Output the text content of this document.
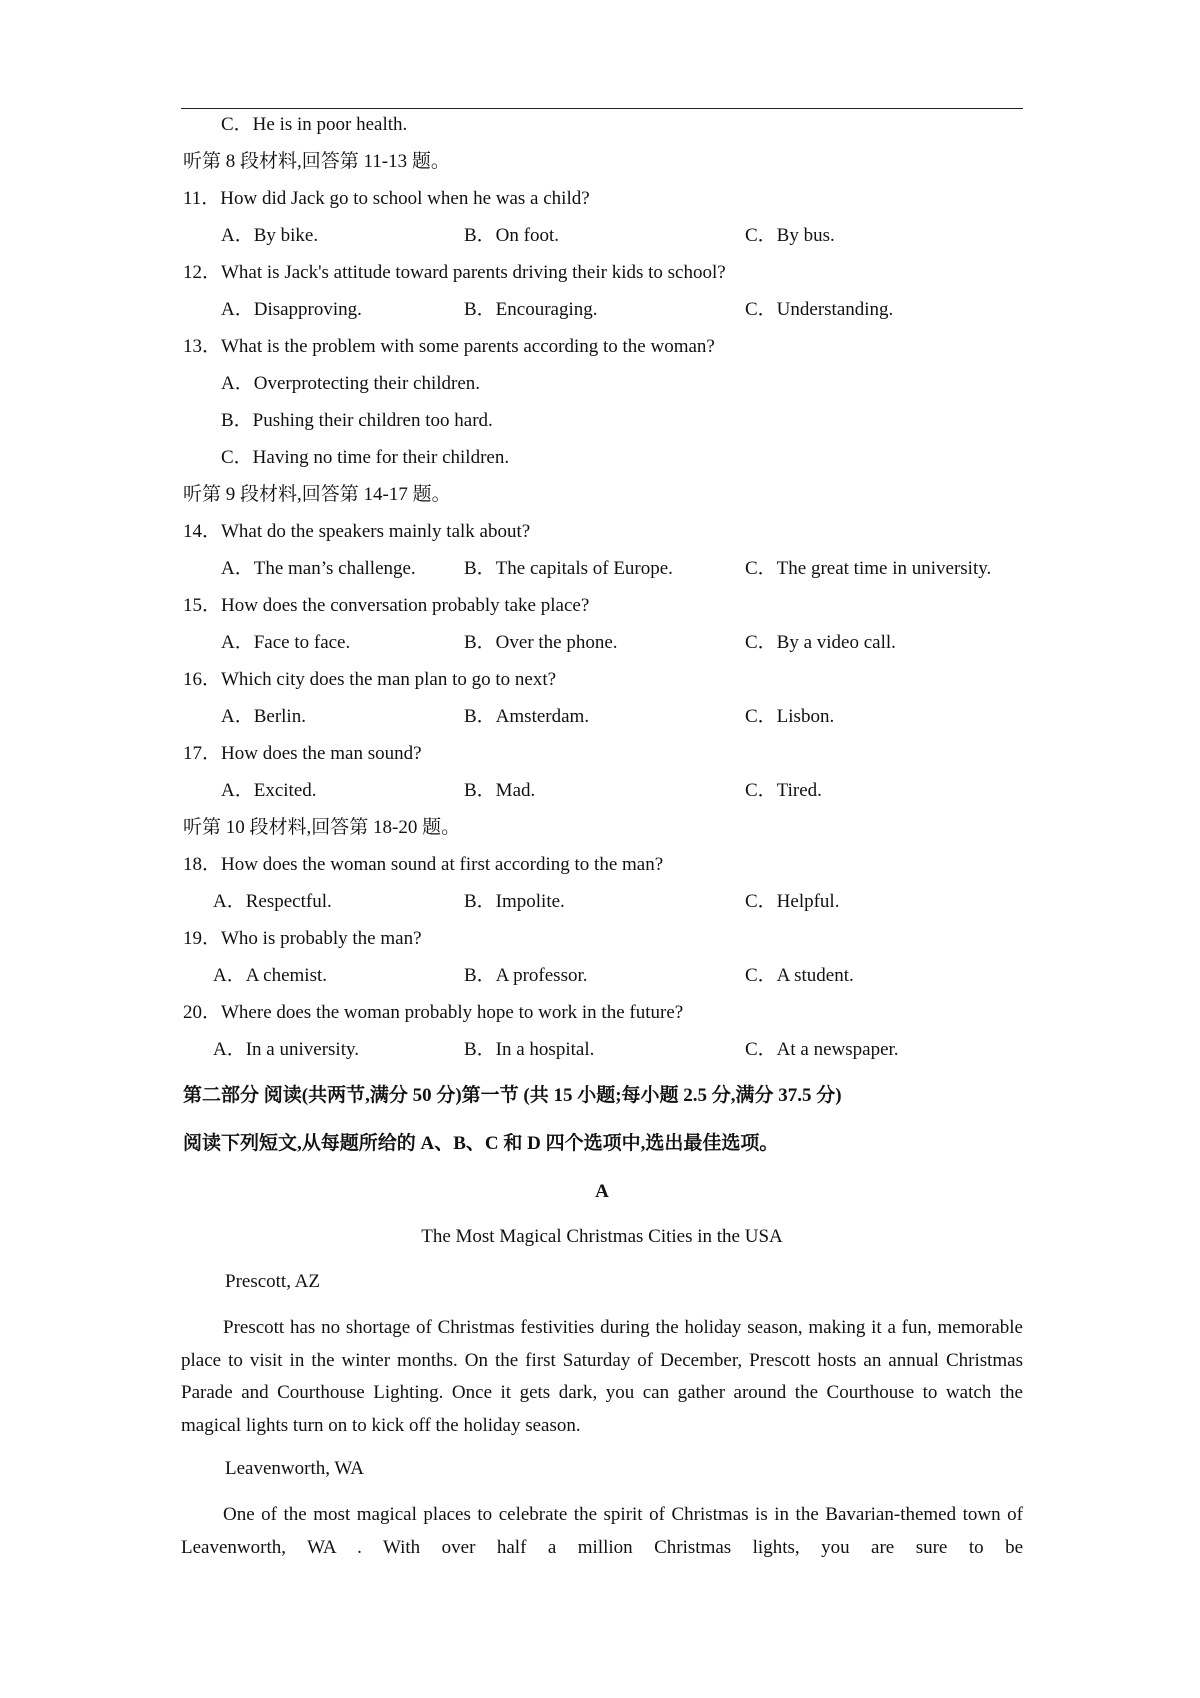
C．He is in poor health.
听第 8 段材料,回答第 11-13 题。
11．How did Jack go to school when he was a child?
A．By bike.	B．On foot.	C．By bus.
12．What is Jack's attitude toward parents driving their kids to school?
A．Disapproving.	B．Encouraging.	C．Understanding.
13．What is the problem with some parents according to the woman?
A．Overprotecting their children.
B．Pushing their children too hard.
C．Having no time for their children.
听第 9 段材料,回答第 14-17 题。
14．What do the speakers mainly talk about?
A．The man’s challenge.	B．The capitals of Europe.	C．The great time in university.
15．How does the conversation probably take place?
A．Face to face.	B．Over the phone.	C．By a video call.
16．Which city does the man plan to go to next?
A．Berlin.	B．Amsterdam.	C．Lisbon.
17．How does the man sound?
A．Excited.	B．Mad.	C．Tired.
听第 10 段材料,回答第 18-20 题。
18．How does the woman sound at first according to the man?
A．Respectful.	B．Impolite.	C．Helpful.
19．Who is probably the man?
A．A chemist.	B．A professor.	C．A student.
20．Where does the woman probably hope to work in the future?
A．In a university.	B．In a hospital.	C．At a newspaper.
第二部分 阅读(共两节,满分 50 分)第一节 (共 15 小题;每小题 2.5 分,满分 37.5 分)
阅读下列短文,从每题所给的 A、B、C 和 D 四个选项中,选出最佳选项。
A
The Most Magical Christmas Cities in the USA
Prescott, AZ
Prescott has no shortage of Christmas festivities during the holiday season, making it a fun, memorable place to visit in the winter months. On the first Saturday of December, Prescott hosts an annual Christmas Parade and Courthouse Lighting. Once it gets dark, you can gather around the Courthouse to watch the magical lights turn on to kick off the holiday season.
Leavenworth, WA
One of the most magical places to celebrate the spirit of Christmas is in the Bavarian-themed town of Leavenworth, WA . With over half a million Christmas lights, you are sure to be
